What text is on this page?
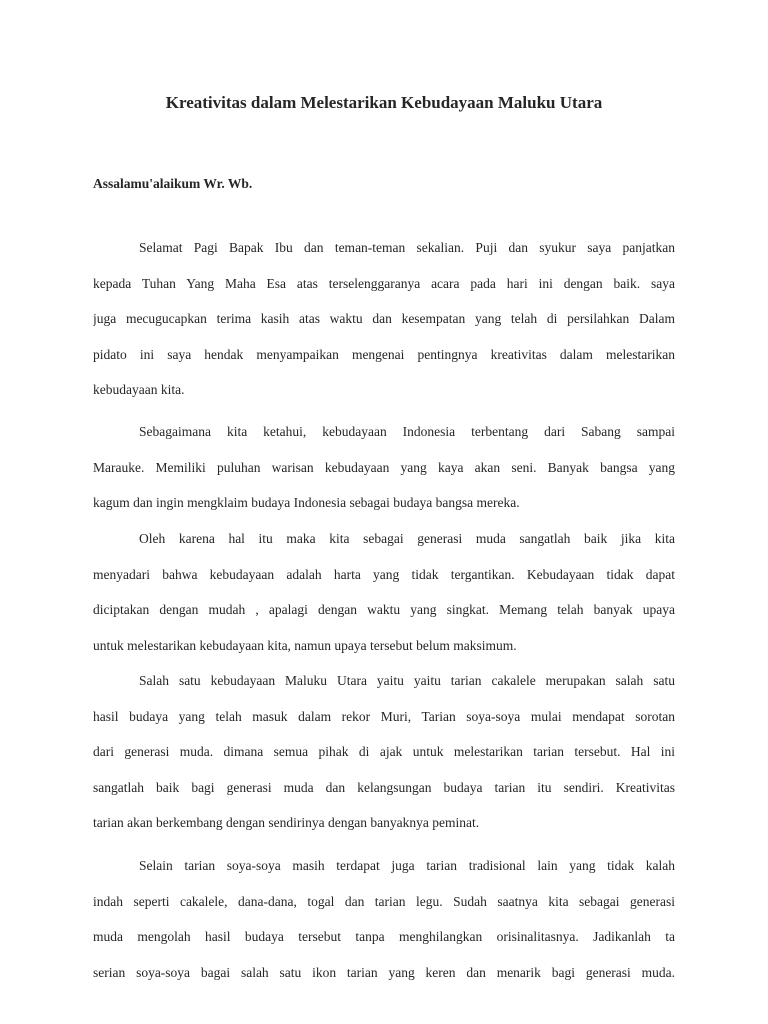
Kreativitas dalam Melestarikan Kebudayaan Maluku Utara
Assalamu'alaikum Wr. Wb.
Selamat Pagi Bapak Ibu dan teman-teman sekalian. Puji dan syukur saya panjatkan
kepada Tuhan Yang Maha Esa atas terselenggaranya acara pada hari ini dengan baik. saya
juga mecugucapkan terima kasih atas waktu dan kesempatan yang telah di persilahkan Dalam
pidato ini saya hendak menyampaikan mengenai pentingnya kreativitas dalam melestarikan
kebudayaan kita.
Sebagaimana kita ketahui, kebudayaan Indonesia terbentang dari Sabang sampai
Marauke. Memiliki puluhan warisan kebudayaan yang kaya akan seni. Banyak bangsa yang
kagum dan ingin mengklaim budaya Indonesia sebagai budaya bangsa mereka.
Oleh karena hal itu maka kita sebagai generasi muda sangatlah baik jika kita
menyadari bahwa kebudayaan adalah harta yang tidak tergantikan. Kebudayaan tidak dapat
diciptakan dengan mudah , apalagi dengan waktu yang singkat. Memang telah banyak upaya
untuk melestarikan kebudayaan kita, namun upaya tersebut belum maksimum.
Salah satu kebudayaan Maluku Utara yaitu yaitu tarian cakalele merupakan salah satu
hasil budaya yang telah masuk dalam rekor Muri, Tarian soya-soya mulai mendapat sorotan
dari generasi muda. dimana semua pihak di ajak untuk melestarikan tarian tersebut. Hal ini
sangatlah baik bagi generasi muda dan kelangsungan budaya tarian itu sendiri. Kreativitas
tarian akan berkembang dengan sendirinya dengan banyaknya peminat.
Selain tarian soya-soya masih terdapat juga tarian tradisional lain yang tidak kalah
indah seperti cakalele, dana-dana, togal dan tarian legu. Sudah saatnya kita sebagai generasi
muda mengolah hasil budaya tersebut tanpa menghilangkan orisinalitasnya. Jadikanlah ta
serian soya-soya bagai salah satu ikon tarian yang keren dan menarik bagi generasi muda.
